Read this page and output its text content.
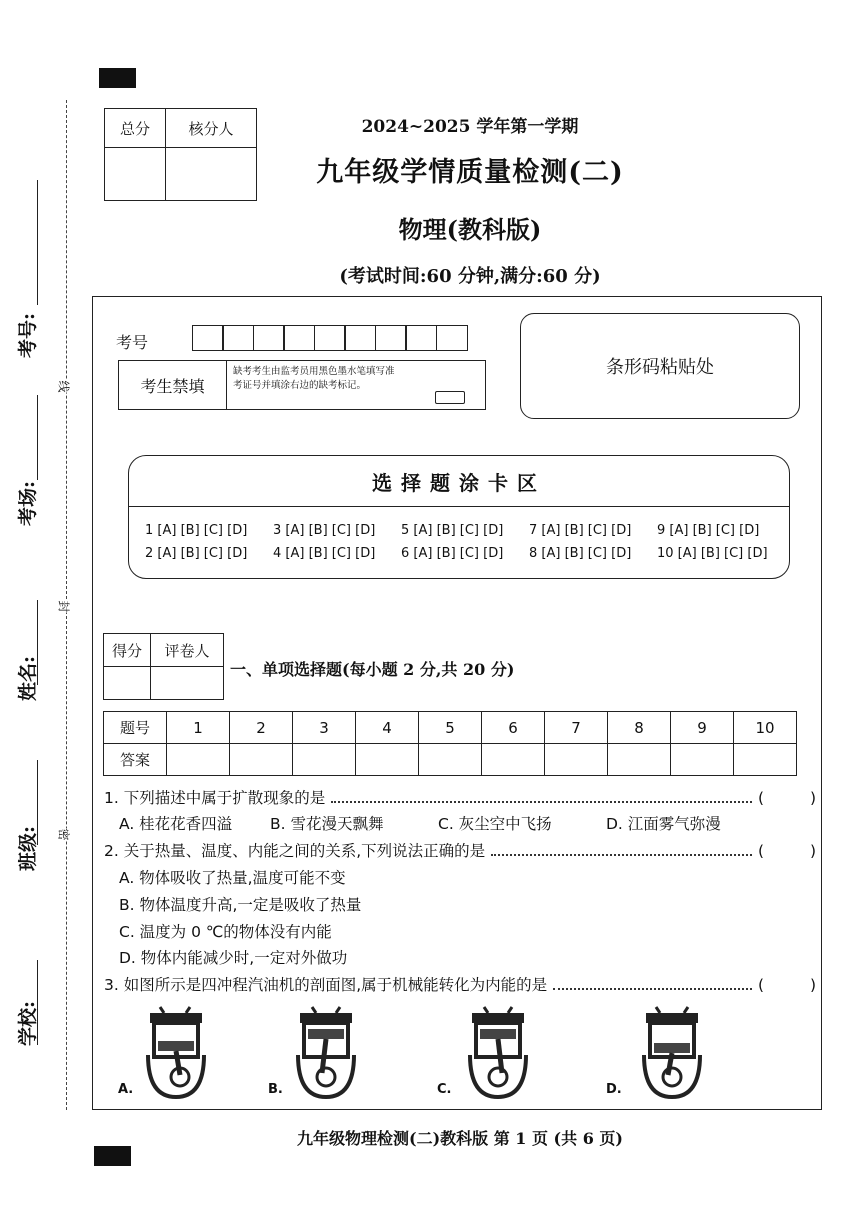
学校:
班级:
姓名:
考场:
考号:
线
封
密
总分	核分人
		2024~2025 学年第一学期
九年级学情质量检测(二)
物理(教科版)
(考试时间:60 分钟,满分:60 分)
考号
考生禁填
缺考考生由监考员用黑色墨水笔填写准考证号并填涂右边的缺考标记。
条形码粘贴处
选择题涂卡区
1 [A] [B] [C] [D]	3 [A] [B] [C] [D]	5 [A] [B] [C] [D]	7 [A] [B] [C] [D]	9 [A] [B] [C] [D]
2 [A] [B] [C] [D]	4 [A] [B] [C] [D]	6 [A] [B] [C] [D]	8 [A] [B] [C] [D]	10 [A] [B] [C] [D]
得分	评卷人

一、单项选择题(每小题 2 分,共 20 分)
题号	1	2	3	4	5	6	7	8	9	10
答案										
1. 下列描述中属于扩散现象的是	(	)
A. 桂花花香四溢 B. 雪花漫天飘舞	C. 灰尘空中飞扬	D. 江面雾气弥漫
2. 关于热量、温度、内能之间的关系,下列说法正确的是	(	)
A. 物体吸收了热量,温度可能不变
B. 物体温度升高,一定是吸收了热量
C. 温度为 0 ℃的物体没有内能
D. 物体内能减少时,一定对外做功
3. 如图所示是四冲程汽油机的剖面图,属于机械能转化为内能的是	(	)
A.	B.	C.	D.
九年级物理检测(二)教科版 第 1 页 (共 6 页)
